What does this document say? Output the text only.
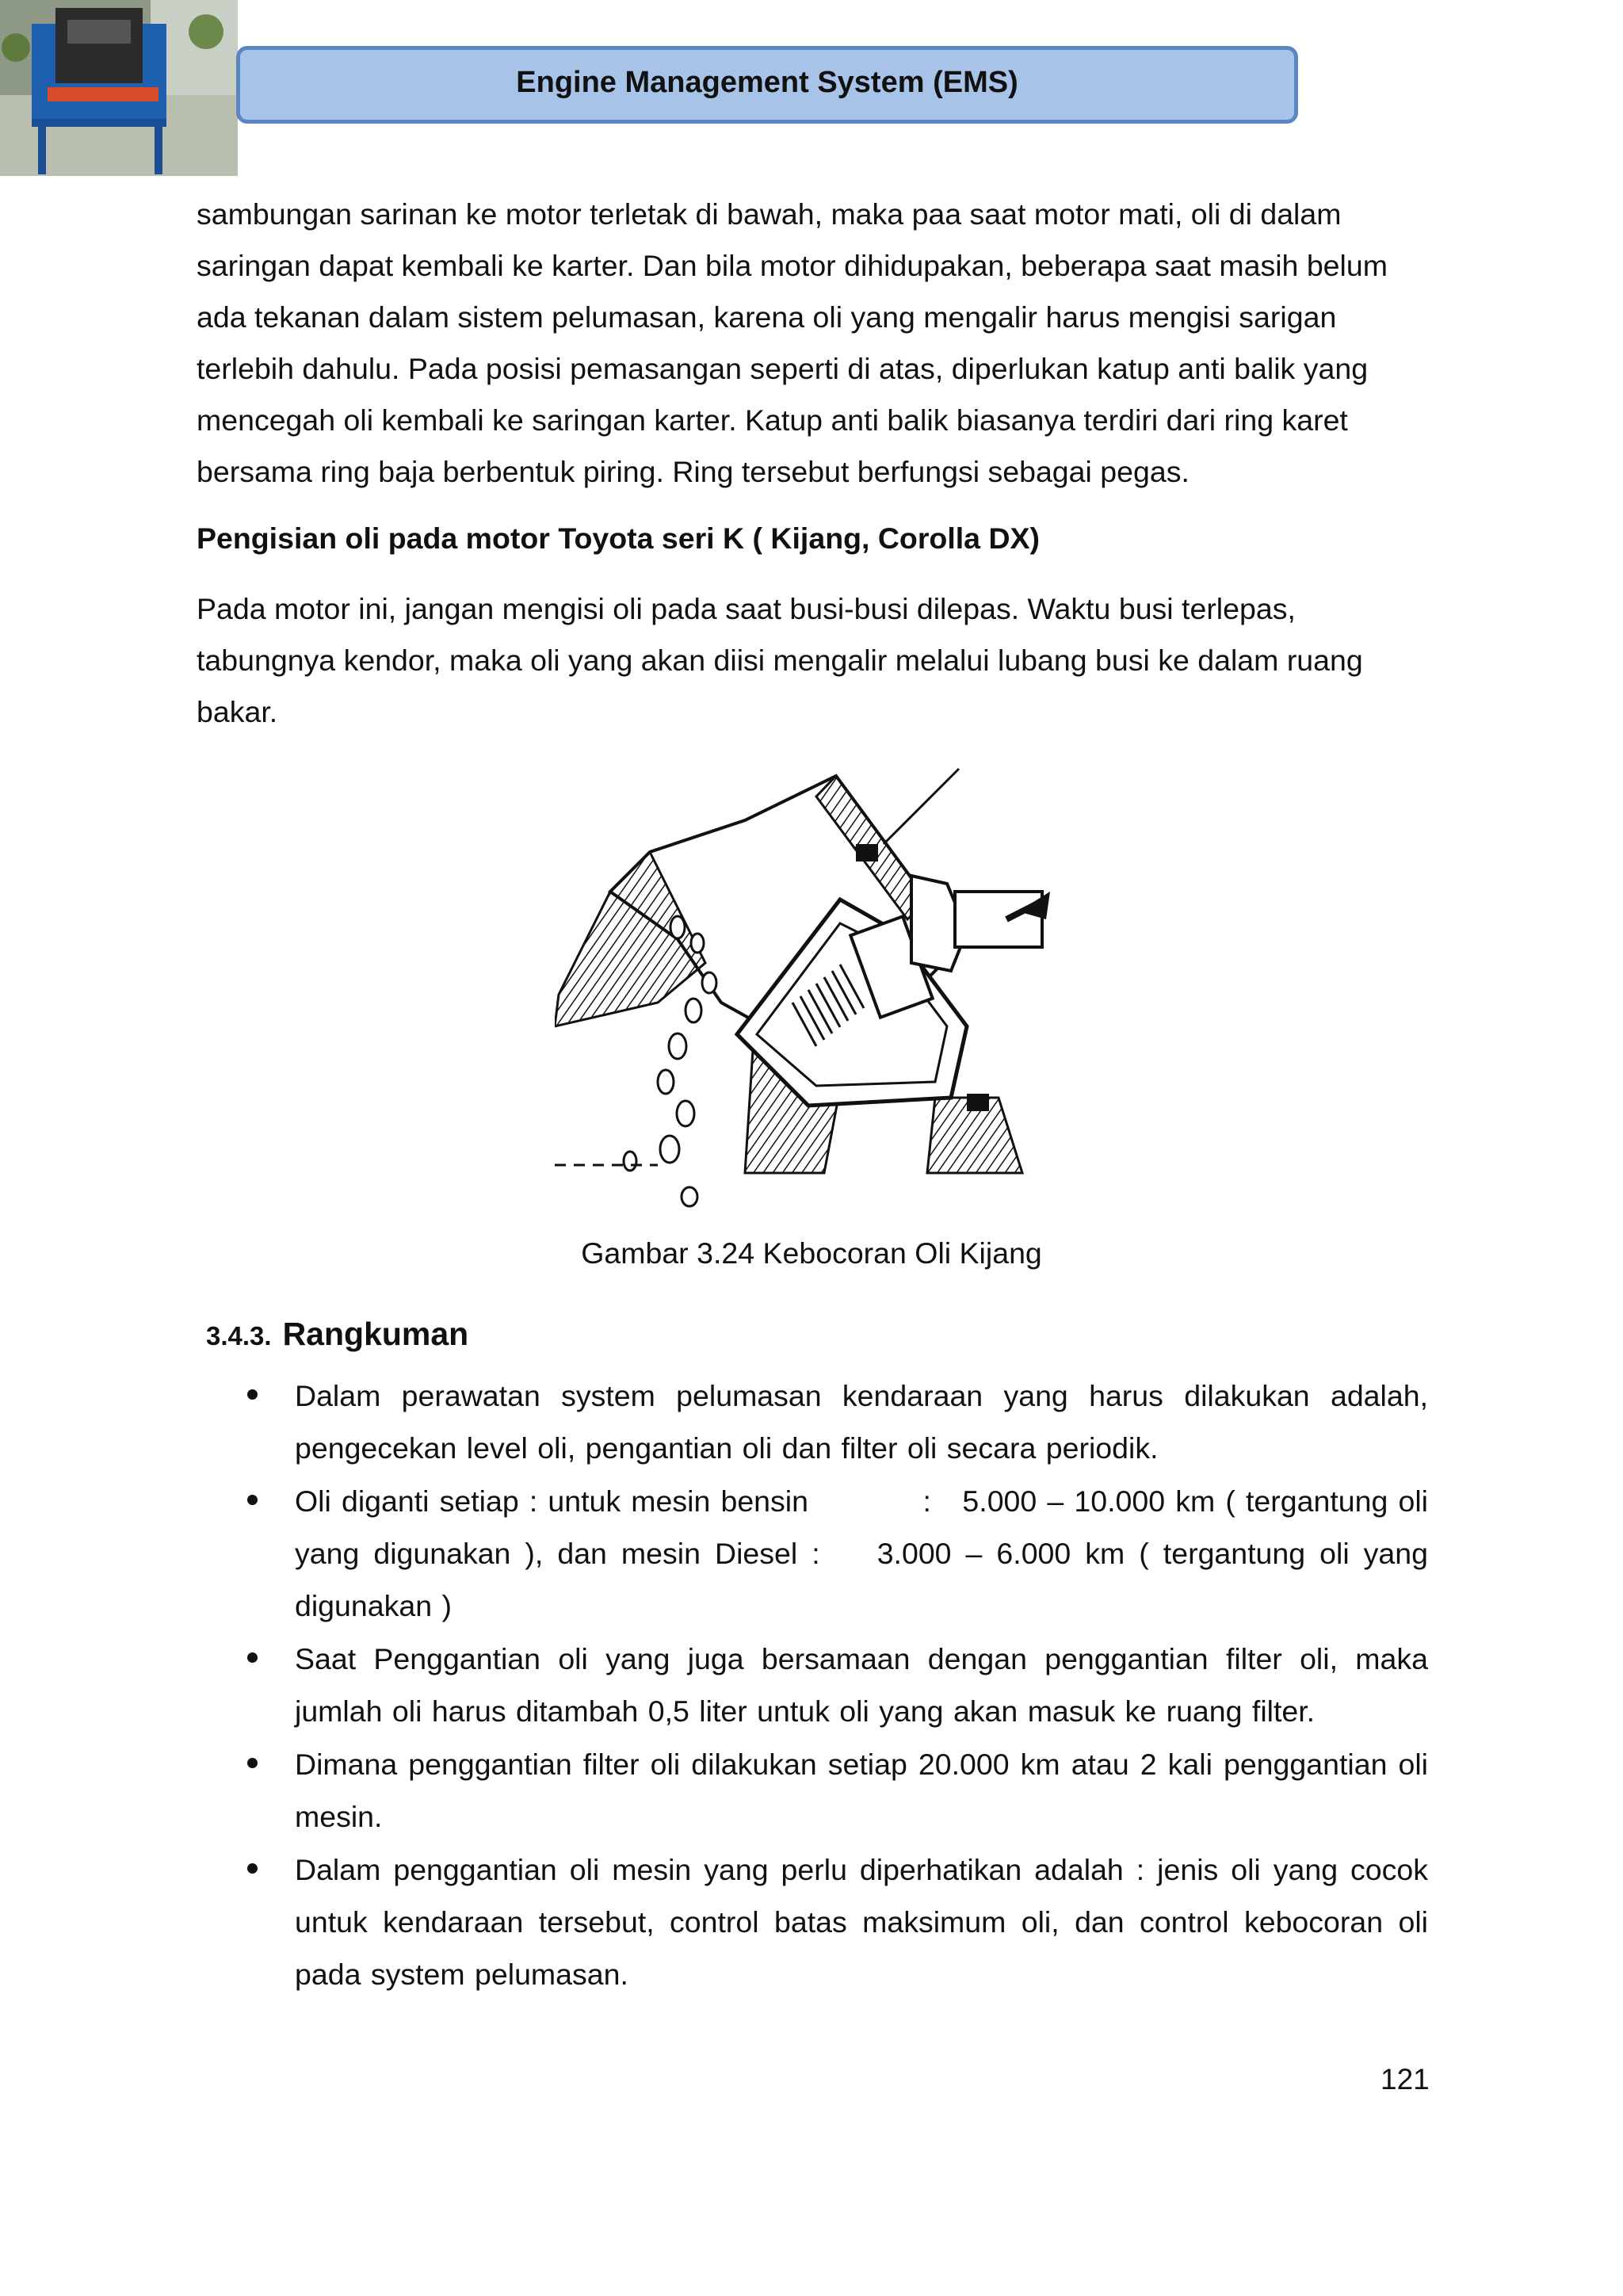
Engine Management System (EMS)

sambungan sarinan ke motor terletak di bawah, maka paa saat motor mati, oli di dalam

saringan dapat kembali ke karter. Dan bila motor dihidupakan, beberapa saat masih belum

ada tekanan dalam sistem pelumasan, karena oli yang mengalir harus mengisi sarigan

terlebih dahulu. Pada posisi pemasangan seperti di atas, diperlukan katup anti balik yang

mencegah oli kembali ke saringan karter. Katup anti balik biasanya terdiri dari ring karet

bersama ring baja berbentuk piring. Ring tersebut berfungsi sebagai pegas.

Pengisian oli pada motor Toyota seri K ( Kijang, Corolla DX)

Pada motor ini, jangan mengisi oli pada saat busi-busi dilepas. Waktu busi terlepas,

tabungnya kendor, maka oli yang akan diisi mengalir melalui lubang busi ke dalam ruang

bakar.

Gambar 3.24 Kebocoran Oli Kijang
3.4.3. Rangkuman
Dalam perawatan system pelumasan kendaraan yang harus dilakukan adalah, pengecekan level oli, pengantian oli dan filter oli secara periodik.
Oli diganti setiap : untuk mesin bensin           :   5.000 – 10.000 km ( tergantung oli yang digunakan ), dan mesin Diesel :    3.000 – 6.000 km ( tergantung oli yang digunakan )
Saat Penggantian oli yang juga bersamaan dengan penggantian filter oli, maka jumlah oli harus ditambah 0,5 liter untuk oli yang akan masuk ke ruang filter.
Dimana penggantian filter oli dilakukan setiap 20.000 km atau 2 kali penggantian oli mesin.
Dalam penggantian oli mesin yang perlu diperhatikan adalah : jenis oli yang cocok untuk kendaraan tersebut, control batas maksimum oli, dan control kebocoran oli pada system pelumasan.
121
